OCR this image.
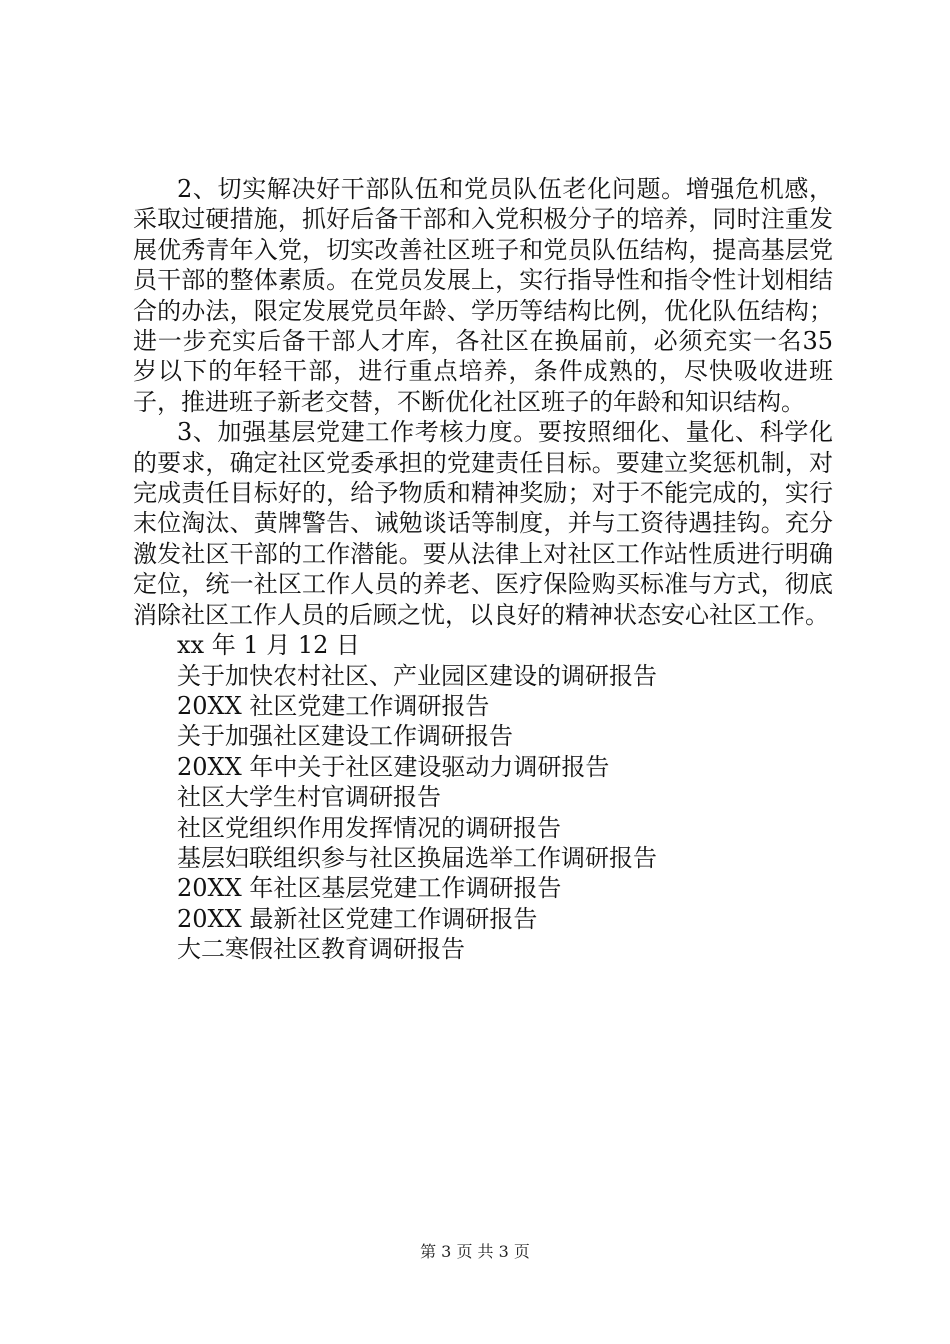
2、切实解决好干部队伍和党员队伍老化问题。增强危机感，采取过硬措施，抓好后备干部和入党积极分子的培养，同时注重发展优秀青年入党，切实改善社区班子和党员队伍结构，提高基层党员干部的整体素质。在党员发展上，实行指导性和指令性计划相结合的办法，限定发展党员年龄、学历等结构比例，优化队伍结构；进一步充实后备干部人才库，各社区在换届前，必须充实一名35岁以下的年轻干部，进行重点培养，条件成熟的，尽快吸收进班子，推进班子新老交替，不断优化社区班子的年龄和知识结构。

3、加强基层党建工作考核力度。要按照细化、量化、科学化的要求，确定社区党委承担的党建责任目标。要建立奖惩机制，对完成责任目标好的，给予物质和精神奖励；对于不能完成的，实行末位淘汰、黄牌警告、诫勉谈话等制度，并与工资待遇挂钩。充分激发社区干部的工作潜能。要从法律上对社区工作站性质进行明确定位，统一社区工作人员的养老、医疗保险购买标准与方式，彻底消除社区工作人员的后顾之忧，以良好的精神状态安心社区工作。

xx 年 1 月 12 日

关于加快农村社区、产业园区建设的调研报告

20XX 社区党建工作调研报告

关于加强社区建设工作调研报告

20XX 年中关于社区建设驱动力调研报告

社区大学生村官调研报告

社区党组织作用发挥情况的调研报告

基层妇联组织参与社区换届选举工作调研报告

20XX 年社区基层党建工作调研报告

20XX 最新社区党建工作调研报告

大二寒假社区教育调研报告

第 3 页 共 3 页
